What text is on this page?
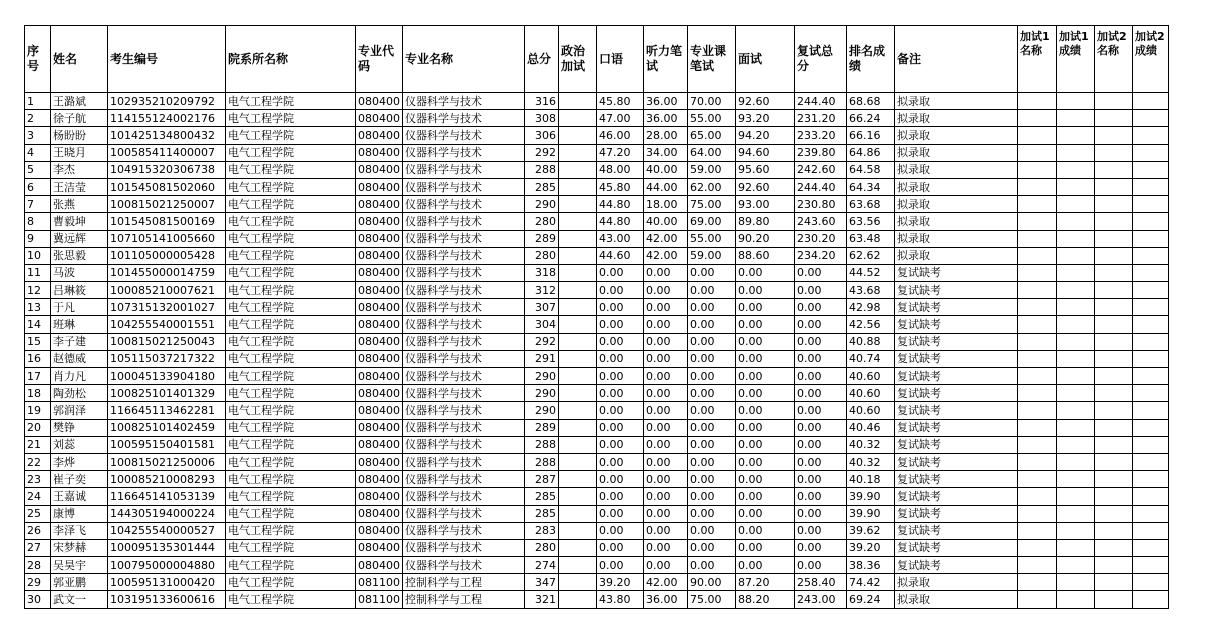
序号	姓名	考生编号	院系所名称	专业代码	专业名称	总分	政治加试	口语	听力笔试	专业课笔试	面试	复试总分	排名成绩	备注	加试1名称	加试1成绩	加试2名称	加试2成绩
1	王潞斌	102935210209792	电气工程学院	080400	仪器科学与技术	316		45.80	36.00	70.00	92.60	244.40	68.68	拟录取				
2	徐子航	114155124002176	电气工程学院	080400	仪器科学与技术	308		47.00	36.00	55.00	93.20	231.20	66.24	拟录取				
3	杨盼盼	101425134800432	电气工程学院	080400	仪器科学与技术	306		46.00	28.00	65.00	94.20	233.20	66.16	拟录取				
4	王晓月	100585411400007	电气工程学院	080400	仪器科学与技术	292		47.20	34.00	64.00	94.60	239.80	64.86	拟录取				
5	李杰	104915320306738	电气工程学院	080400	仪器科学与技术	288		48.00	40.00	59.00	95.60	242.60	64.58	拟录取				
6	王洁莹	101545081502060	电气工程学院	080400	仪器科学与技术	285		45.80	44.00	62.00	92.60	244.40	64.34	拟录取				
7	张燕	100815021250007	电气工程学院	080400	仪器科学与技术	290		44.80	18.00	75.00	93.00	230.80	63.68	拟录取				
8	曹毅坤	101545081500169	电气工程学院	080400	仪器科学与技术	280		44.80	40.00	69.00	89.80	243.60	63.56	拟录取				
9	冀远辉	107105141005660	电气工程学院	080400	仪器科学与技术	289		43.00	42.00	55.00	90.20	230.20	63.48	拟录取				
10	张思毅	101105000005428	电气工程学院	080400	仪器科学与技术	280		44.60	42.00	59.00	88.60	234.20	62.62	拟录取				
11	马波	101455000014759	电气工程学院	080400	仪器科学与技术	318		0.00	0.00	0.00	0.00	0.00	44.52	复试缺考				
12	吕琳筱	100085210007621	电气工程学院	080400	仪器科学与技术	312		0.00	0.00	0.00	0.00	0.00	43.68	复试缺考				
13	于凡	107315132001027	电气工程学院	080400	仪器科学与技术	307		0.00	0.00	0.00	0.00	0.00	42.98	复试缺考				
14	班琳	104255540001551	电气工程学院	080400	仪器科学与技术	304		0.00	0.00	0.00	0.00	0.00	42.56	复试缺考				
15	李子建	100815021250043	电气工程学院	080400	仪器科学与技术	292		0.00	0.00	0.00	0.00	0.00	40.88	复试缺考				
16	赵德威	105115037217322	电气工程学院	080400	仪器科学与技术	291		0.00	0.00	0.00	0.00	0.00	40.74	复试缺考				
17	肖力凡	100045133904180	电气工程学院	080400	仪器科学与技术	290		0.00	0.00	0.00	0.00	0.00	40.60	复试缺考				
18	陶劲松	100825101401329	电气工程学院	080400	仪器科学与技术	290		0.00	0.00	0.00	0.00	0.00	40.60	复试缺考				
19	郭润泽	116645113462281	电气工程学院	080400	仪器科学与技术	290		0.00	0.00	0.00	0.00	0.00	40.60	复试缺考				
20	樊铮	100825101402459	电气工程学院	080400	仪器科学与技术	289		0.00	0.00	0.00	0.00	0.00	40.46	复试缺考				
21	刘蕊	100595150401581	电气工程学院	080400	仪器科学与技术	288		0.00	0.00	0.00	0.00	0.00	40.32	复试缺考				
22	李烨	100815021250006	电气工程学院	080400	仪器科学与技术	288		0.00	0.00	0.00	0.00	0.00	40.32	复试缺考				
23	崔子奕	100085210008293	电气工程学院	080400	仪器科学与技术	287		0.00	0.00	0.00	0.00	0.00	40.18	复试缺考				
24	王嘉诚	116645141053139	电气工程学院	080400	仪器科学与技术	285		0.00	0.00	0.00	0.00	0.00	39.90	复试缺考				
25	康博	144305194000224	电气工程学院	080400	仪器科学与技术	285		0.00	0.00	0.00	0.00	0.00	39.90	复试缺考				
26	李泽飞	104255540000527	电气工程学院	080400	仪器科学与技术	283		0.00	0.00	0.00	0.00	0.00	39.62	复试缺考				
27	宋梦赫	100095135301444	电气工程学院	080400	仪器科学与技术	280		0.00	0.00	0.00	0.00	0.00	39.20	复试缺考				
28	吴昊宇	100795000004880	电气工程学院	080400	仪器科学与技术	274		0.00	0.00	0.00	0.00	0.00	38.36	复试缺考				
29	郭亚鹏	100595131000420	电气工程学院	081100	控制科学与工程	347		39.20	42.00	90.00	87.20	258.40	74.42	拟录取				
30	武文一	103195133600616	电气工程学院	081100	控制科学与工程	321		43.80	36.00	75.00	88.20	243.00	69.24	拟录取				
